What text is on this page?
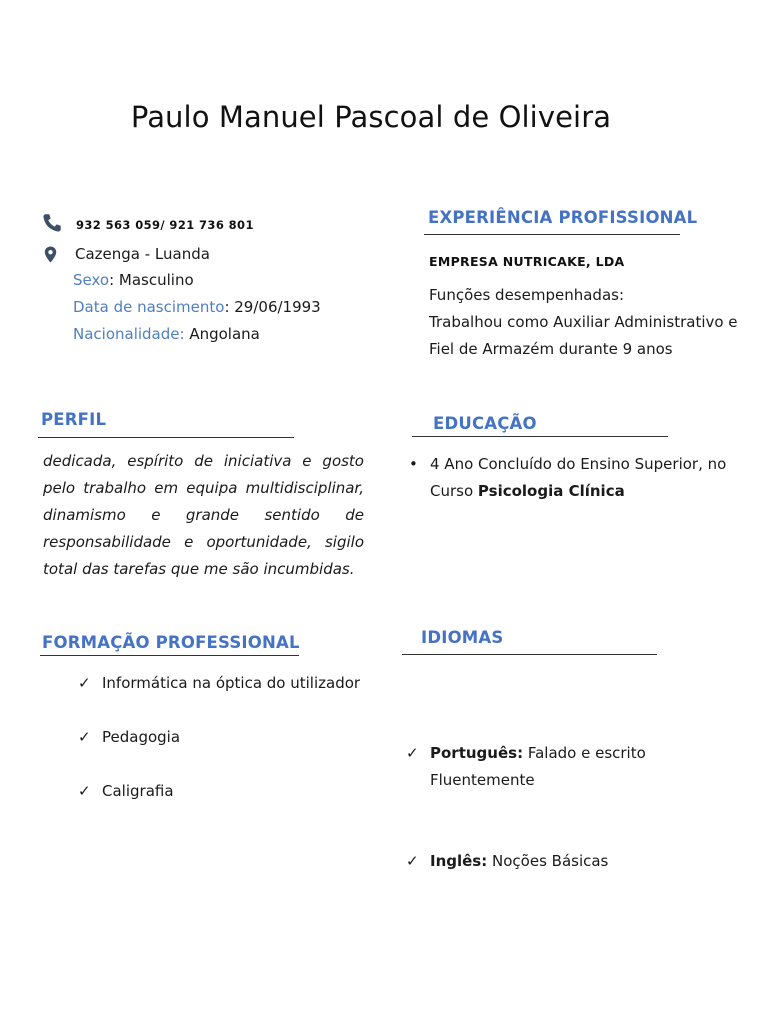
Paulo Manuel Pascoal de Oliveira
932 563 059/ 921 736 801
Cazenga - Luanda
Sexo: Masculino
Data de nascimento: 29/06/1993
Nacionalidade: Angolana
EXPERIÊNCIA PROFISSIONAL
EMPRESA NUTRICAKE, LDA
Funções desempenhadas:
Trabalhou como Auxiliar Administrativo e
Fiel de Armazém durante 9 anos
PERFIL
dedicada, espírito de iniciativa e gosto pelo trabalho em equipa multidisciplinar, dinamismo e grande sentido de responsabilidade e oportunidade, sigilo total das tarefas que me são incumbidas.
EDUCAÇÃO
• 4 Ano Concluído do Ensino Superior, no
Curso Psicologia Clínica
FORMAÇÃO PROFESSIONAL
✓ Informática na óptica do utilizador
✓ Pedagogia
✓ Caligrafia
IDIOMAS
✓ Português: Falado e escrito
Fluentemente
✓ Inglês: Noções Básicas
